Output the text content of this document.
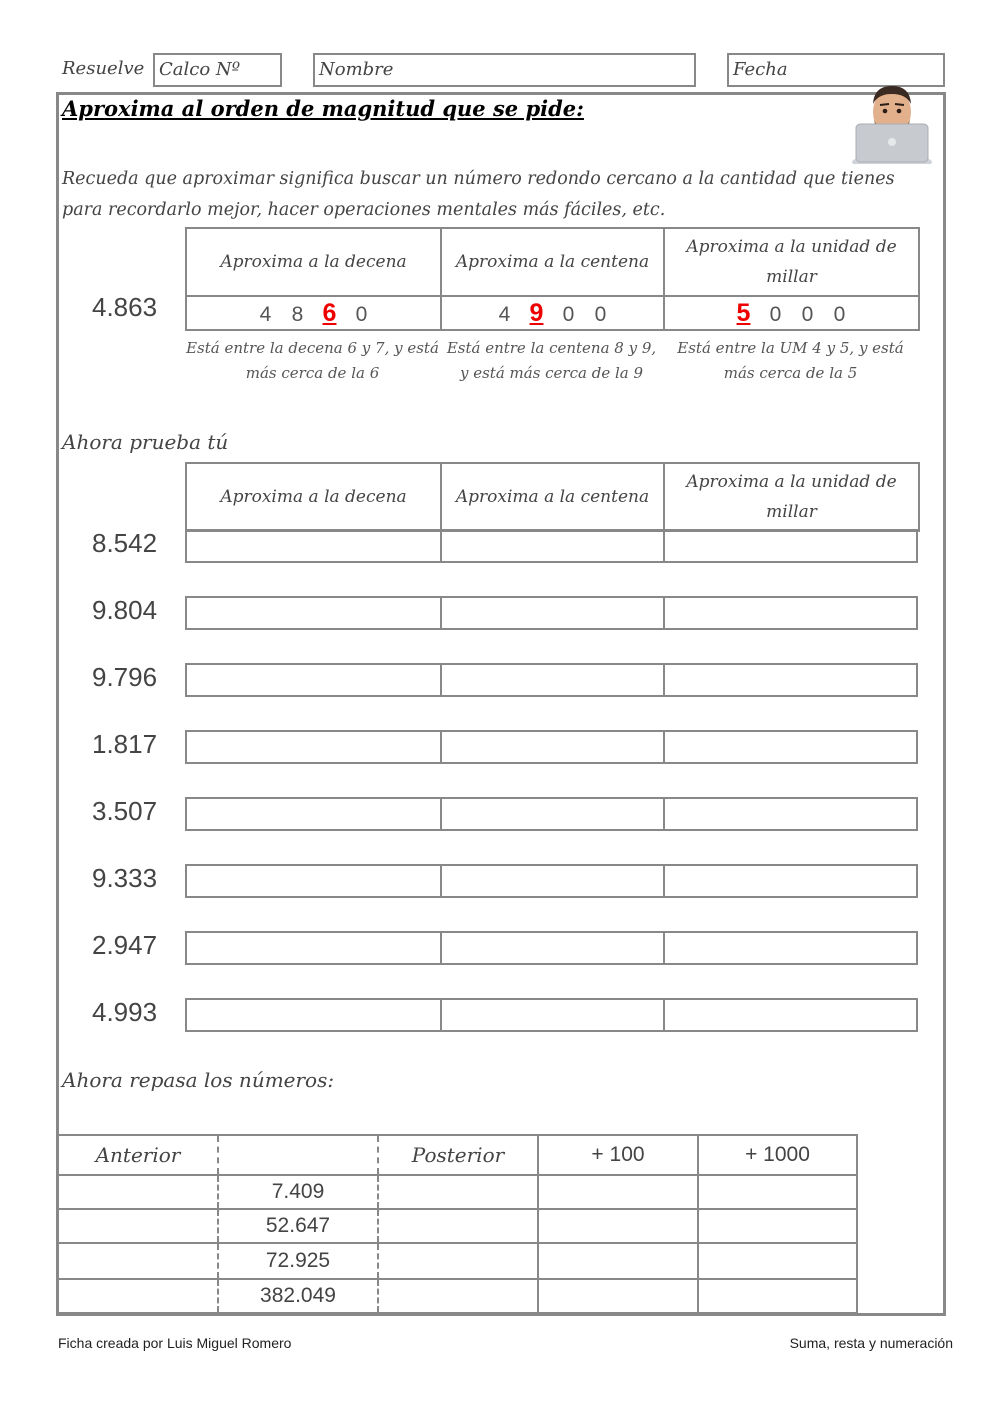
Resuelve Calco Nº	Nombre	Fecha
Aproxima al orden de magnitud que se pide:
Recueda que aproximar significa buscar un número redondo cercano a la cantidad que tienes
para recordarlo mejor, hacer operaciones mentales más fáciles, etc.
Aproxima a la decena	Aproxima a la centena	Aproxima a la unidad de
millar

4 8 6 0	4 9 0 0	5 0 0 0
4.863
Está entre la decena 6 y 7, y está
más cerca de la 6
Está entre la centena 8 y 9,
y está más cerca de la 9
Está entre la UM 4 y 5, y está
más cerca de la 5
Ahora prueba tú
Aproxima a la decena	Aproxima a la centena	
Aproxima a la unidad de
millar
8.542
9.804
9.796
1.817
3.507
9.333
2.947
4.993
Ahora repasa los números:
Anterior		Posterior	+ 100	+ 1000
	7.409			
	52.647			
	72.925			
	382.049			
Ficha creada por Luis Miguel Romero	Suma, resta y numeración
